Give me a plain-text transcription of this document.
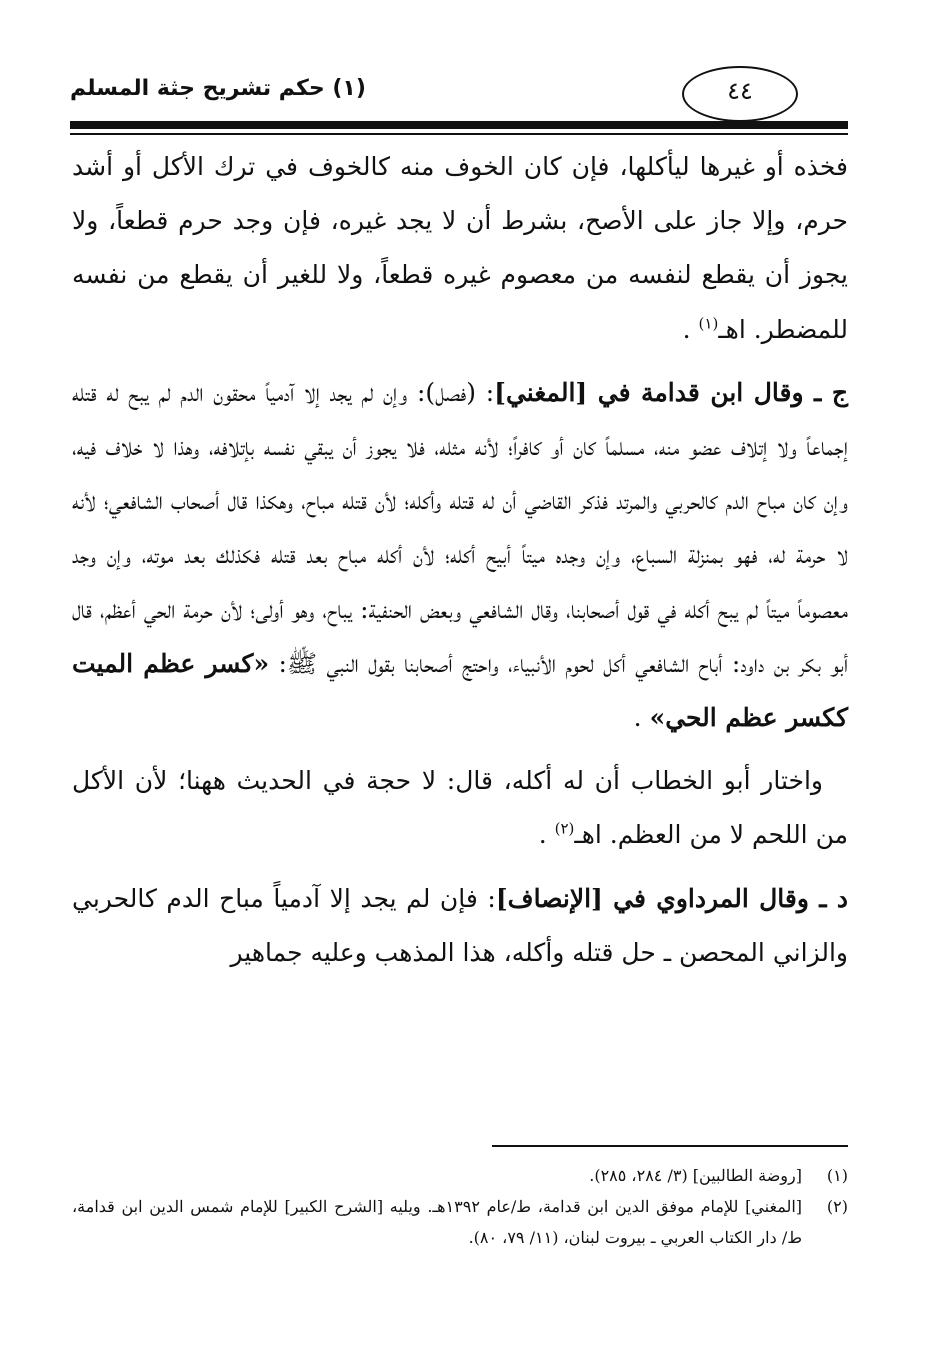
(١) حكم تشريح جثة المسلم	٤٤

فخذه أو غيرها ليأكلها، فإن كان الخوف منه كالخوف في ترك الأكل أو أشد حرم، وإلا جاز على الأصح، بشرط أن لا يجد غيره، فإن وجد حرم قطعاً، ولا يجوز أن يقطع لنفسه من معصوم غيره قطعاً، ولا للغير أن يقطع من نفسه للمضطر. اهـ$^{(١)}$ .

ج ـ وقال ابن قدامة في [المغني]: (فصل): وإن لم يجد إلا آدمياً محقون الدم لم يبح له قتله إجماعاً ولا إتلاف عضو منه، مسلماً كان أو كافراً؛ لأنه مثله، فلا يجوز أن يبقي نفسه بإتلافه، وهذا لا خلاف فيه، وإن كان مباح الدم كالحربي والمرتد فذكر القاضي أن له قتله وأكله؛ لأن قتله مباح، وهكذا قال أصحاب الشافعي؛ لأنه لا حرمة له، فهو بمنزلة السباع، وإن وجده ميتاً أبيح أكله؛ لأن أكله مباح بعد قتله فكذلك بعد موته، وإن وجد معصوماً ميتاً لم يبح أكله في قول أصحابنا، وقال الشافعي وبعض الحنفية: يباح، وهو أولى؛ لأن حرمة الحي أعظم، قال أبو بكر بن داود: أباح الشافعي أكل لحوم الأنبياء، واحتج أصحابنا بقول النبي ﷺ: «كسر عظم الميت ككسر عظم الحي» .

 واختار أبو الخطاب أن له أكله، قال: لا حجة في الحديث ههنا؛ لأن الأكل من اللحم لا من العظم. اهـ$^{(٢)}$ .

د ـ وقال المرداوي في [الإنصاف]: فإن لم يجد إلا آدمياً مباح الدم كالحربي والزاني المحصن ـ حل قتله وأكله، هذا المذهب وعليه جماهير

(١)
[روضة الطالبين] (٣/ ٢٨٤، ٢٨٥).
(٢)
[المغني] للإمام موفق الدين ابن قدامة، ط/عام ١٣٩٢هـ. ويليه [الشرح الكبير] للإمام شمس الدين ابن قدامة، ط/ دار الكتاب العربي ـ بيروت لبنان، (١١/ ٧٩، ٨٠).
